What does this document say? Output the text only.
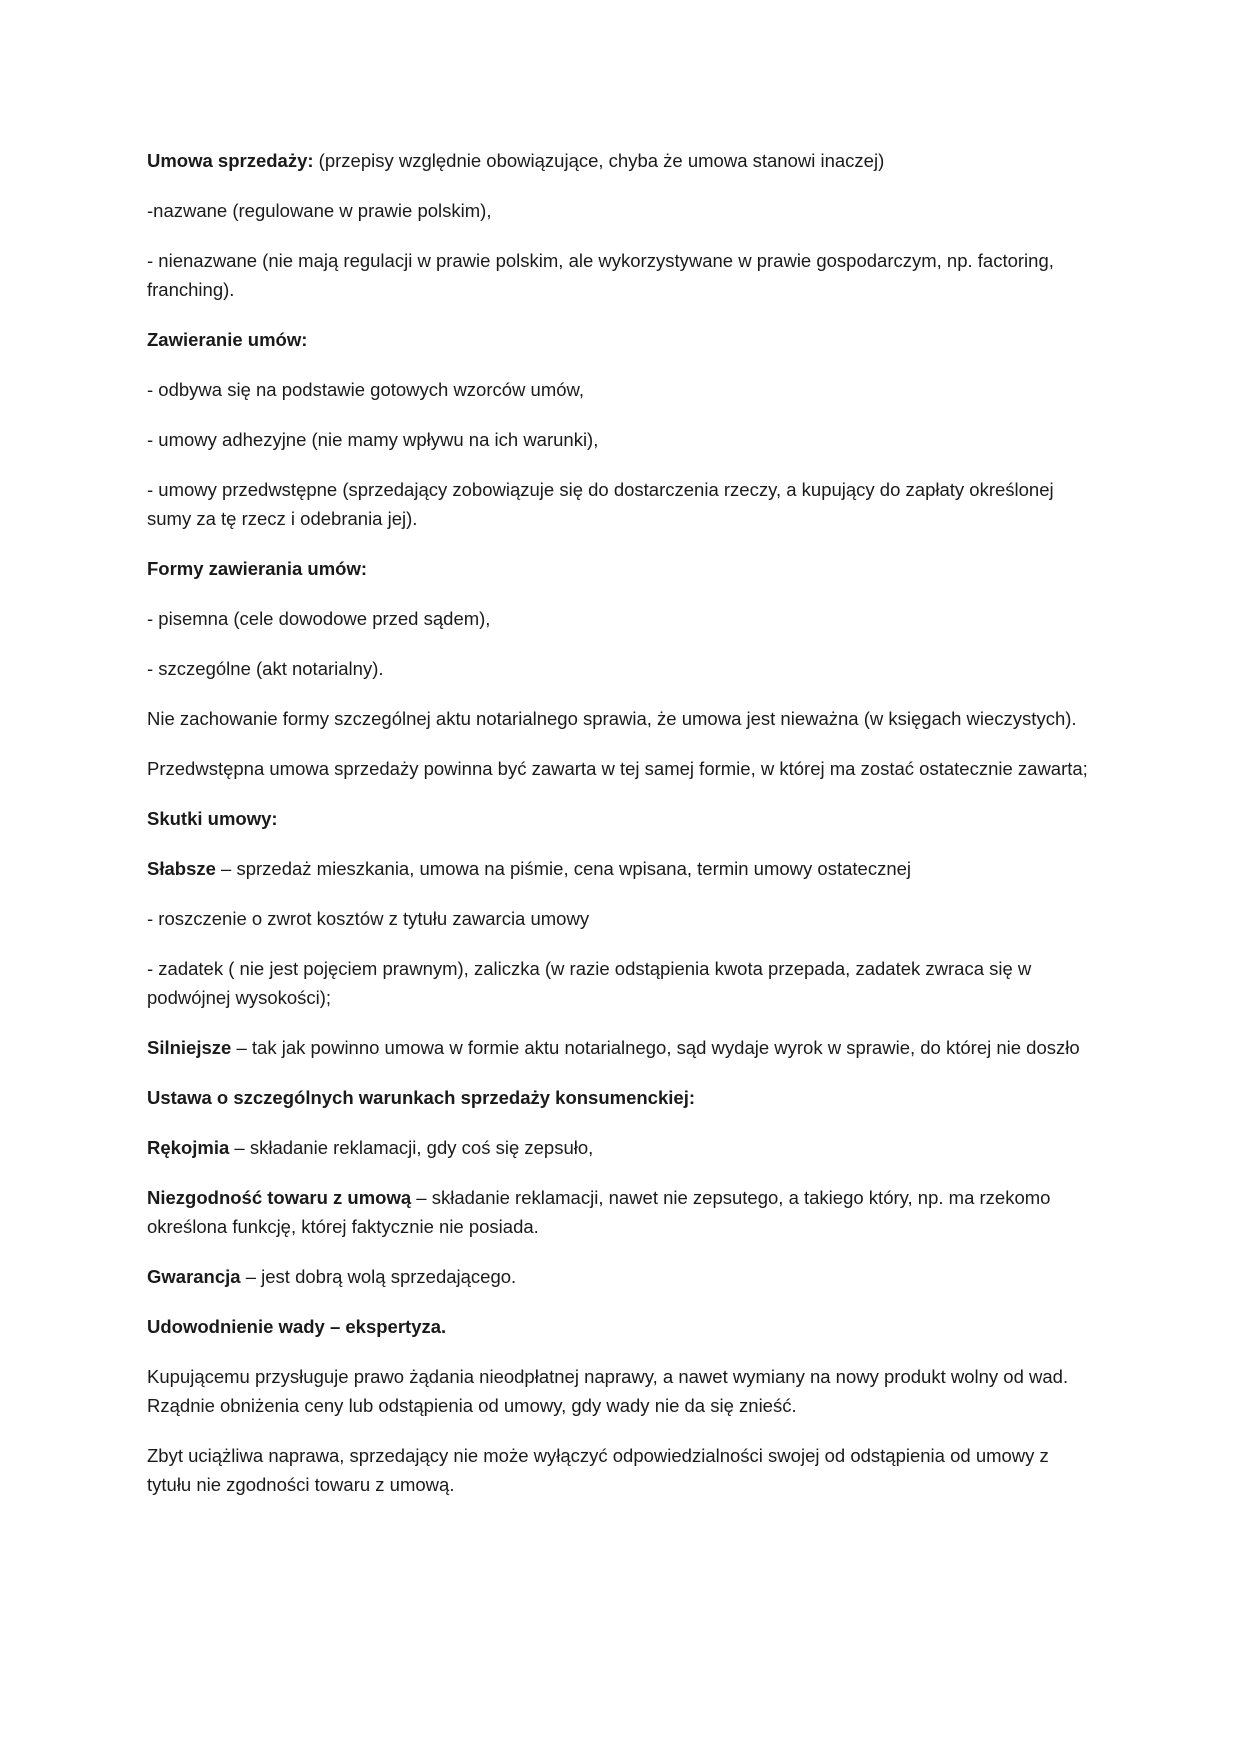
Umowa sprzedaży: (przepisy względnie obowiązujące, chyba że umowa stanowi inaczej)

-nazwane (regulowane w prawie polskim),

- nienazwane (nie mają regulacji w prawie polskim, ale wykorzystywane w prawie gospodarczym, np. factoring, franching).

Zawieranie umów:

- odbywa się na podstawie gotowych wzorców umów,

- umowy adhezyjne (nie mamy wpływu na ich warunki),

- umowy przedwstępne (sprzedający zobowiązuje się do dostarczenia rzeczy, a kupujący do zapłaty określonej sumy za tę rzecz i odebrania jej).

Formy zawierania umów:

- pisemna (cele dowodowe przed sądem),

- szczególne (akt notarialny).

Nie zachowanie formy szczególnej aktu notarialnego sprawia, że umowa jest nieważna (w księgach wieczystych).

Przedwstępna umowa sprzedaży powinna być zawarta w tej samej formie, w której ma zostać ostatecznie zawarta;

Skutki umowy:

Słabsze – sprzedaż mieszkania, umowa na piśmie, cena wpisana, termin umowy ostatecznej

- roszczenie o zwrot kosztów z tytułu zawarcia umowy

- zadatek ( nie jest pojęciem prawnym), zaliczka (w razie odstąpienia kwota przepada, zadatek zwraca się w podwójnej wysokości);

Silniejsze – tak jak powinno umowa w formie aktu notarialnego, sąd wydaje wyrok w sprawie, do której nie doszło

Ustawa o szczególnych warunkach sprzedaży konsumenckiej:

Rękojmia – składanie reklamacji, gdy coś się zepsuło,

Niezgodność towaru z umową – składanie reklamacji, nawet nie zepsutego, a takiego który, np. ma rzekomo określona funkcję, której faktycznie nie posiada.

Gwarancja – jest dobrą wolą sprzedającego.

Udowodnienie wady – ekspertyza.

Kupującemu przysługuje prawo żądania nieodpłatnej naprawy, a nawet wymiany na nowy produkt wolny od wad. Rządnie obniżenia ceny lub odstąpienia od umowy, gdy wady nie da się znieść.

Zbyt uciążliwa naprawa, sprzedający nie może wyłączyć odpowiedzialności swojej od odstąpienia od umowy z tytułu nie zgodności towaru z umową.
